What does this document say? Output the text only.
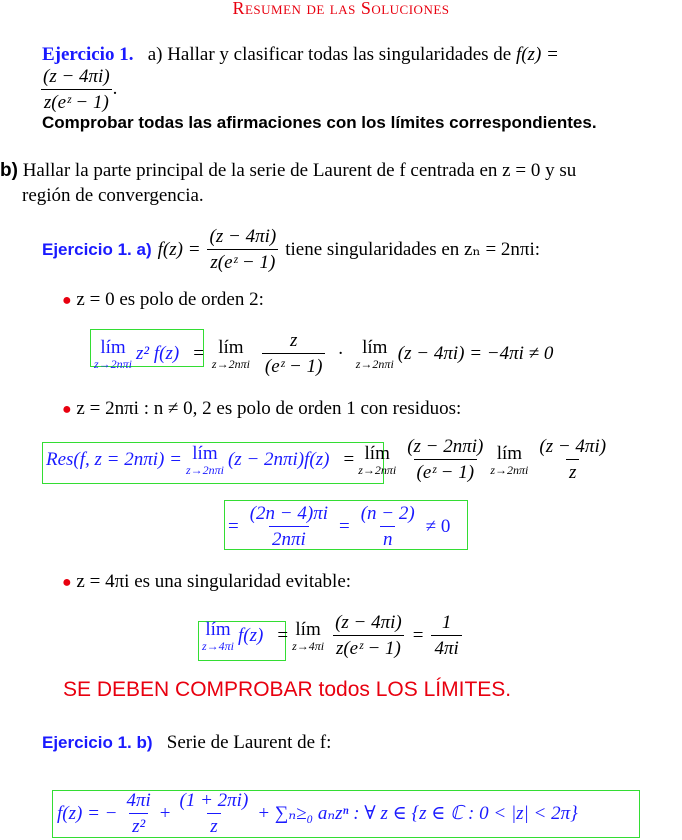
Resumen de las Soluciones
Ejercicio 1. a) Hallar y clasificar todas las singularidades de f(z) =
$\frac{(z - 4\pi i)}{\text{z(eᶻ − 1)}}$ .
Comprobar todas las afirmaciones con los límites correspondientes.
b) Hallar la parte principal de la serie de Laurent de f centrada en z = 0 y su
región de convergencia.
Ejercicio 1. a) $f(z) = \frac{(z - 4\pi i)}{\text{z(eᶻ − 1)}}$ tiene singularidades en zₙ = 2nπi:
● z = 0 es polo de orden 2:
lím
z→2nπi z² f(z) = lím
$z\to 2n\pi i \frac{z}{\text{(eᶻ − 1)}}$ · lím
z→2nπi (z − 4πi) = −4πi ≠ 0
● z = 2nπi : n ≠ 0, 2 es polo de orden 1 con residuos:
Res(f, z = 2nπi) = lím
z→2nπi (z − 2nπi)f(z) = lím
$z\to 2n\pi i \frac{\text{(z − 2nπi)}}{\text{(eᶻ − 1)}}$ lím
$z\to 2n\pi i \frac{(z - 4\pi i)}{z}$
= $\frac{(2n - 4)\pi i}{\text{2nπi}} = \frac{(n - 2)}{n} \ne 0$
● z = 4πi es una singularidad evitable:
lím
z→4πi f(z) = lím
$z\to 4\pi i \frac{(z - 4\pi i)}{\text{z(eᶻ − 1)}} = \frac{1}{4\pi i}$
SE DEBEN COMPROBAR todos LOS LÍMITES.
Ejercicio 1. b) Serie de Laurent de f:
f(z) = − $\frac{4\pi i}{\text{z²}} + \frac{(1 + 2\pi i)}{z} + \sum_n\ge_0$ aₙzⁿ : ∀ z ∈ {z ∈ ℂ : 0 < |z| < 2π}
